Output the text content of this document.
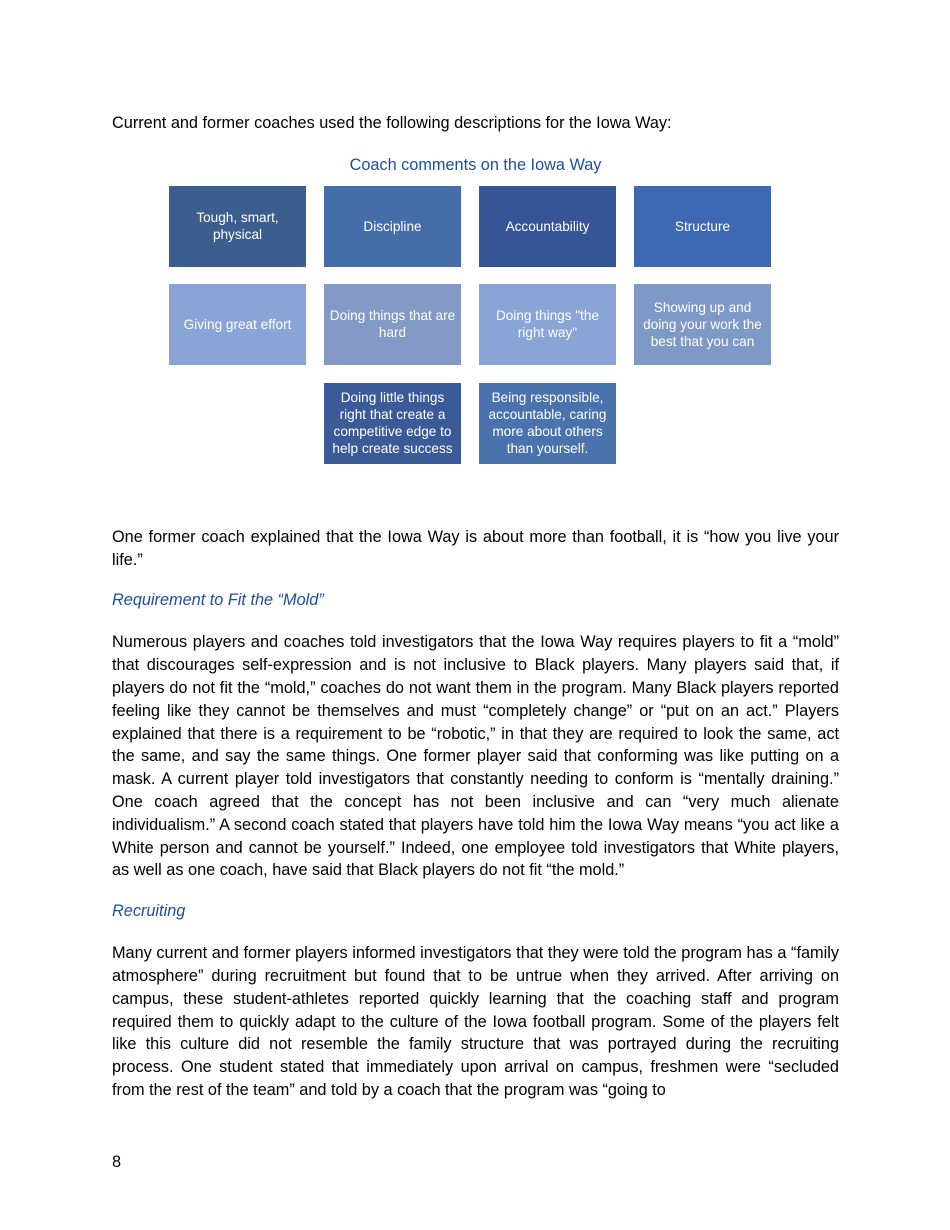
Current and former coaches used the following descriptions for the Iowa Way:

Coach comments on the Iowa Way
Tough, smart, physical
Discipline	Accountability	Structure
Giving great effort
Doing things that are hard
Doing things "the right way"
Showing up and doing your work the best that you can
Doing little things right that create a competitive edge to help create success
Being responsible, accountable, caring more about others than yourself.

One former coach explained that the Iowa Way is about more than football, it is “how you live your life.”

Requirement to Fit the “Mold”

Numerous players and coaches told investigators that the Iowa Way requires players to fit a “mold” that discourages self-expression and is not inclusive to Black players. Many players said that, if players do not fit the “mold,” coaches do not want them in the program. Many Black players reported feeling like they cannot be themselves and must “completely change” or “put on an act.” Players explained that there is a requirement to be “robotic,” in that they are required to look the same, act the same, and say the same things. One former player said that conforming was like putting on a mask. A current player told investigators that constantly needing to conform is “mentally draining.” One coach agreed that the concept has not been inclusive and can “very much alienate individualism.” A second coach stated that players have told him the Iowa Way means “you act like a White person and cannot be yourself.” Indeed, one employee told investigators that White players, as well as one coach, have said that Black players do not fit “the mold.”

Recruiting

Many current and former players informed investigators that they were told the program has a “family atmosphere” during recruitment but found that to be untrue when they arrived. After arriving on campus, these student-athletes reported quickly learning that the coaching staff and program required them to quickly adapt to the culture of the Iowa football program. Some of the players felt like this culture did not resemble the family structure that was portrayed during the recruiting process. One student stated that immediately upon arrival on campus, freshmen were “secluded from the rest of the team” and told by a coach that the program was “going to

8
